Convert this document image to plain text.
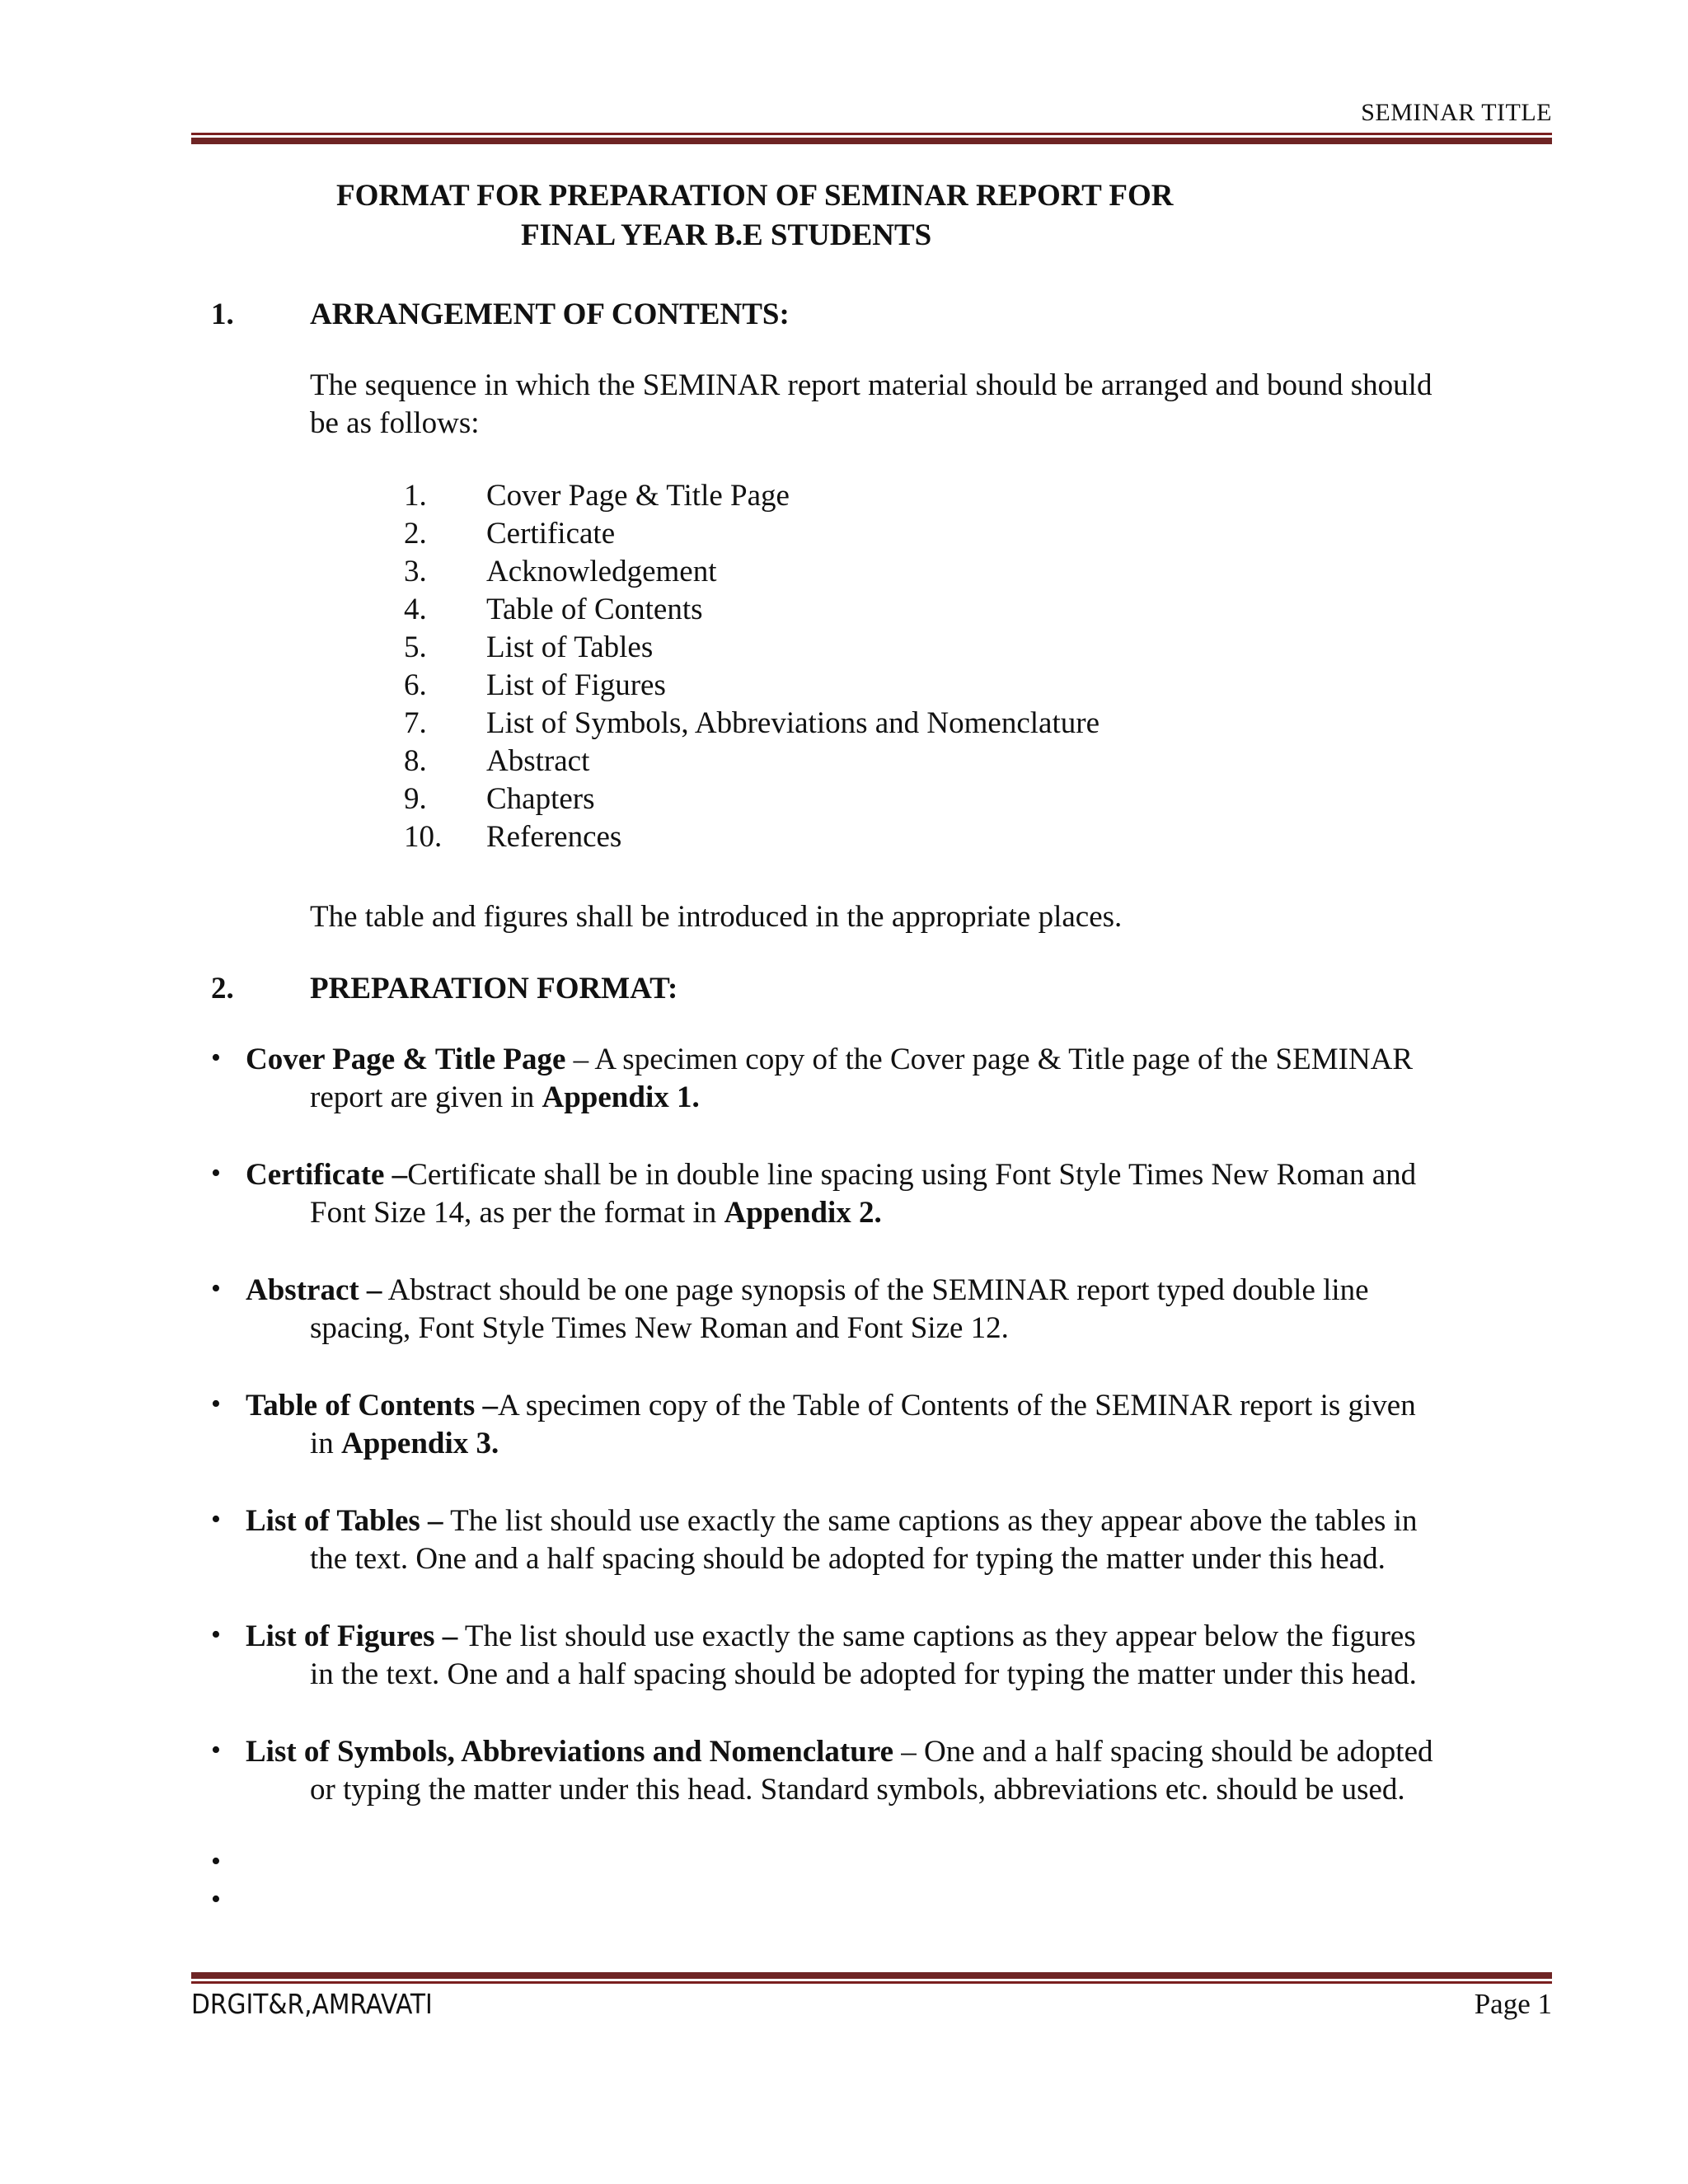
SEMINAR TITLE
FORMAT FOR PREPARATION OF SEMINAR REPORT FOR
FINAL YEAR B.E STUDENTS
1. ARRANGEMENT OF CONTENTS:
The sequence in which the SEMINAR report material should be arranged and bound should
be as follows:
1. Cover Page & Title Page
2. Certificate
3. Acknowledgement
4. Table of Contents
5. List of Tables
6. List of Figures
7. List of Symbols, Abbreviations and Nomenclature
8. Abstract
9. Chapters
10. References
The table and figures shall be introduced in the appropriate places.
2. PREPARATION FORMAT:
• Cover Page & Title Page – A specimen copy of the Cover page & Title page of the SEMINAR
report are given in Appendix 1.
• Certificate –Certificate shall be in double line spacing using Font Style Times New Roman and
Font Size 14, as per the format in Appendix 2.
• Abstract – Abstract should be one page synopsis of the SEMINAR report typed double line
spacing, Font Style Times New Roman and Font Size 12.
• Table of Contents –A specimen copy of the Table of Contents of the SEMINAR report is given
in Appendix 3.
• List of Tables – The list should use exactly the same captions as they appear above the tables in
the text. One and a half spacing should be adopted for typing the matter under this head.
• List of Figures – The list should use exactly the same captions as they appear below the figures
in the text. One and a half spacing should be adopted for typing the matter under this head.
• List of Symbols, Abbreviations and Nomenclature – One and a half spacing should be adopted
or typing the matter under this head. Standard symbols, abbreviations etc. should be used.
•
•
DRGIT&R,AMRAVATI	Page 1
